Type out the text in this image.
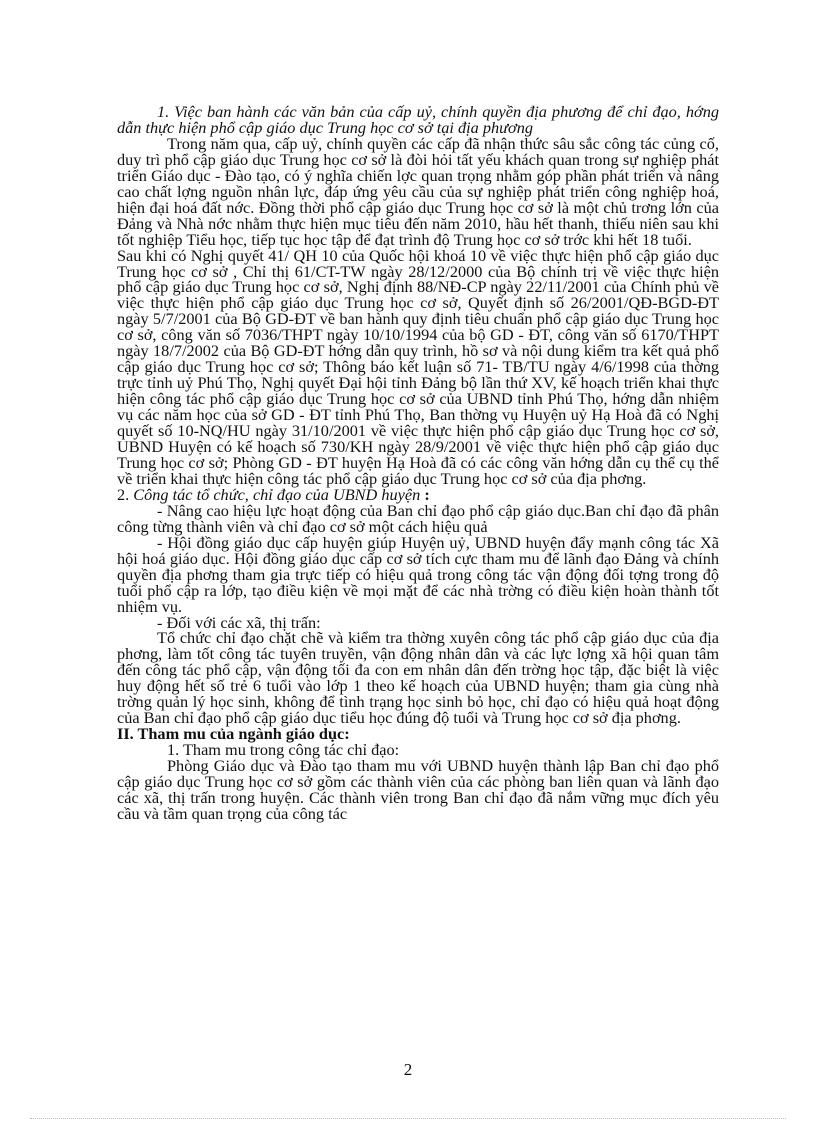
1. Việc ban hành các văn bản của cấp uỷ, chính quyền địa phương để chỉ đạo, hớng dẫn thực hiện phổ cập giáo dục Trung học cơ sở tại địa phương

Trong năm qua, cấp uỷ, chính quyền các cấp đã nhận thức sâu sắc công tác củng cố, duy trì phổ cập giáo dục Trung học cơ sở là đòi hỏi tất yếu khách quan trong sự nghiệp phát triển Giáo dục - Đào tạo, có ý nghĩa chiến lợc quan trọng nhằm góp phần phát triển và nâng cao chất lợng nguồn nhân lực, đáp ứng yêu cầu của sự nghiệp phát triển công nghiệp hoá, hiện đại hoá đất nớc. Đồng thời phổ cập giáo dục Trung học cơ sở là một chủ trơng lớn của Đảng và Nhà nớc nhằm thực hiện mục tiêu đến năm 2010, hầu hết thanh, thiếu niên sau khi tốt nghiệp Tiểu học, tiếp tục học tập để đạt trình độ Trung học cơ sở trớc khi hết 18 tuổi.

Sau khi có Nghị quyết 41/ QH 10 của Quốc hội khoá 10 về việc thực hiện phổ cập giáo dục Trung học cơ sở , Chỉ thị 61/CT-TW ngày 28/12/2000 của Bộ chính trị về việc thực hiện phổ cập giáo dục Trung học cơ sở, Nghị định 88/NĐ-CP ngày 22/11/2001 của Chính phủ về việc thực hiện phổ cập giáo dục Trung học cơ sở, Quyết định số 26/2001/QĐ-BGD-ĐT ngày 5/7/2001 của Bộ GD-ĐT về ban hành quy định tiêu chuẩn phổ cập giáo dục Trung học cơ sở, công văn số 7036/THPT ngày 10/10/1994 của bộ GD - ĐT, công văn số 6170/THPT ngày 18/7/2002 của Bộ GD-ĐT hớng dẫn quy trình, hồ sơ và nội dung kiểm tra kết quả phổ cập giáo dục Trung học cơ sở; Thông báo kết luận số 71- TB/TU ngày 4/6/1998 của thờng trực tỉnh uỷ Phú Thọ, Nghị quyết Đại hội tỉnh Đảng bộ lần thứ XV, kế hoạch triển khai thực hiện công tác phổ cập giáo dục Trung học cơ sở của UBND tỉnh Phú Thọ, hớng dẫn nhiệm vụ các năm học của sở GD - ĐT tỉnh Phú Thọ, Ban thờng vụ Huyện uỷ Hạ Hoà đã có Nghị quyết số 10-NQ/HU ngày 31/10/2001 về việc thực hiện phổ cập giáo dục Trung học cơ sở, UBND Huyện có kế hoạch số 730/KH ngày 28/9/2001 về việc thực hiện phổ cập giáo dục Trung học cơ sở; Phòng GD - ĐT huyện Hạ Hoà đã có các công văn hớng dẫn cụ thể cụ thể về triển khai thực hiện công tác phổ cập giáo dục Trung học cơ sở của địa phơng.

2. Công tác tổ chức, chỉ đạo của UBND huyện :

- Nâng cao hiệu lực hoạt động của Ban chỉ đạo phổ cập giáo dục.Ban chỉ đạo đã phân công từng thành viên và chỉ đạo cơ sở một cách hiệu quả

- Hội đồng giáo dục cấp huyện giúp Huyện uỷ, UBND huyện đẩy mạnh công tác Xã hội hoá giáo dục. Hội đồng giáo dục cấp cơ sở tích cực tham mu để lãnh đạo Đảng và chính quyền địa phơng tham gia trực tiếp có hiệu quả trong công tác vận động đối tợng trong độ tuổi phổ cập ra lớp, tạo điều kiện về mọi mặt để các nhà trờng có điều kiện hoàn thành tốt nhiệm vụ.

- Đối với các xã, thị trấn:

Tổ chức chỉ đạo chặt chẽ và kiểm tra thờng xuyên công tác phổ cập giáo dục của địa phơng, làm tốt công tác tuyên truyền, vận động nhân dân và các lực lợng xã hội quan tâm đến công tác phổ cập, vận động tối đa con em nhân dân đến trờng học tập, đặc biệt là việc huy động hết số trẻ 6 tuổi vào lớp 1 theo kế hoạch của UBND huyện; tham gia cùng nhà trờng quản lý học sinh, không để tình trạng học sinh bỏ học, chỉ đạo có hiệu quả hoạt động của Ban chỉ đạo phổ cập giáo dục tiểu học đúng độ tuổi và Trung học cơ sở địa phơng.

II. Tham mu của ngành giáo dục:

1. Tham mu trong công tác chỉ đạo:

Phòng Giáo dục và Đào tạo tham mu với UBND huyện thành lập Ban chỉ đạo phổ cập giáo dục Trung học cơ sở gồm các thành viên của các phòng ban liên quan và lãnh đạo các xã, thị trấn trong huyện. Các thành viên trong Ban chỉ đạo đã nắm vững mục đích yêu cầu và tầm quan trọng của công tác

2
